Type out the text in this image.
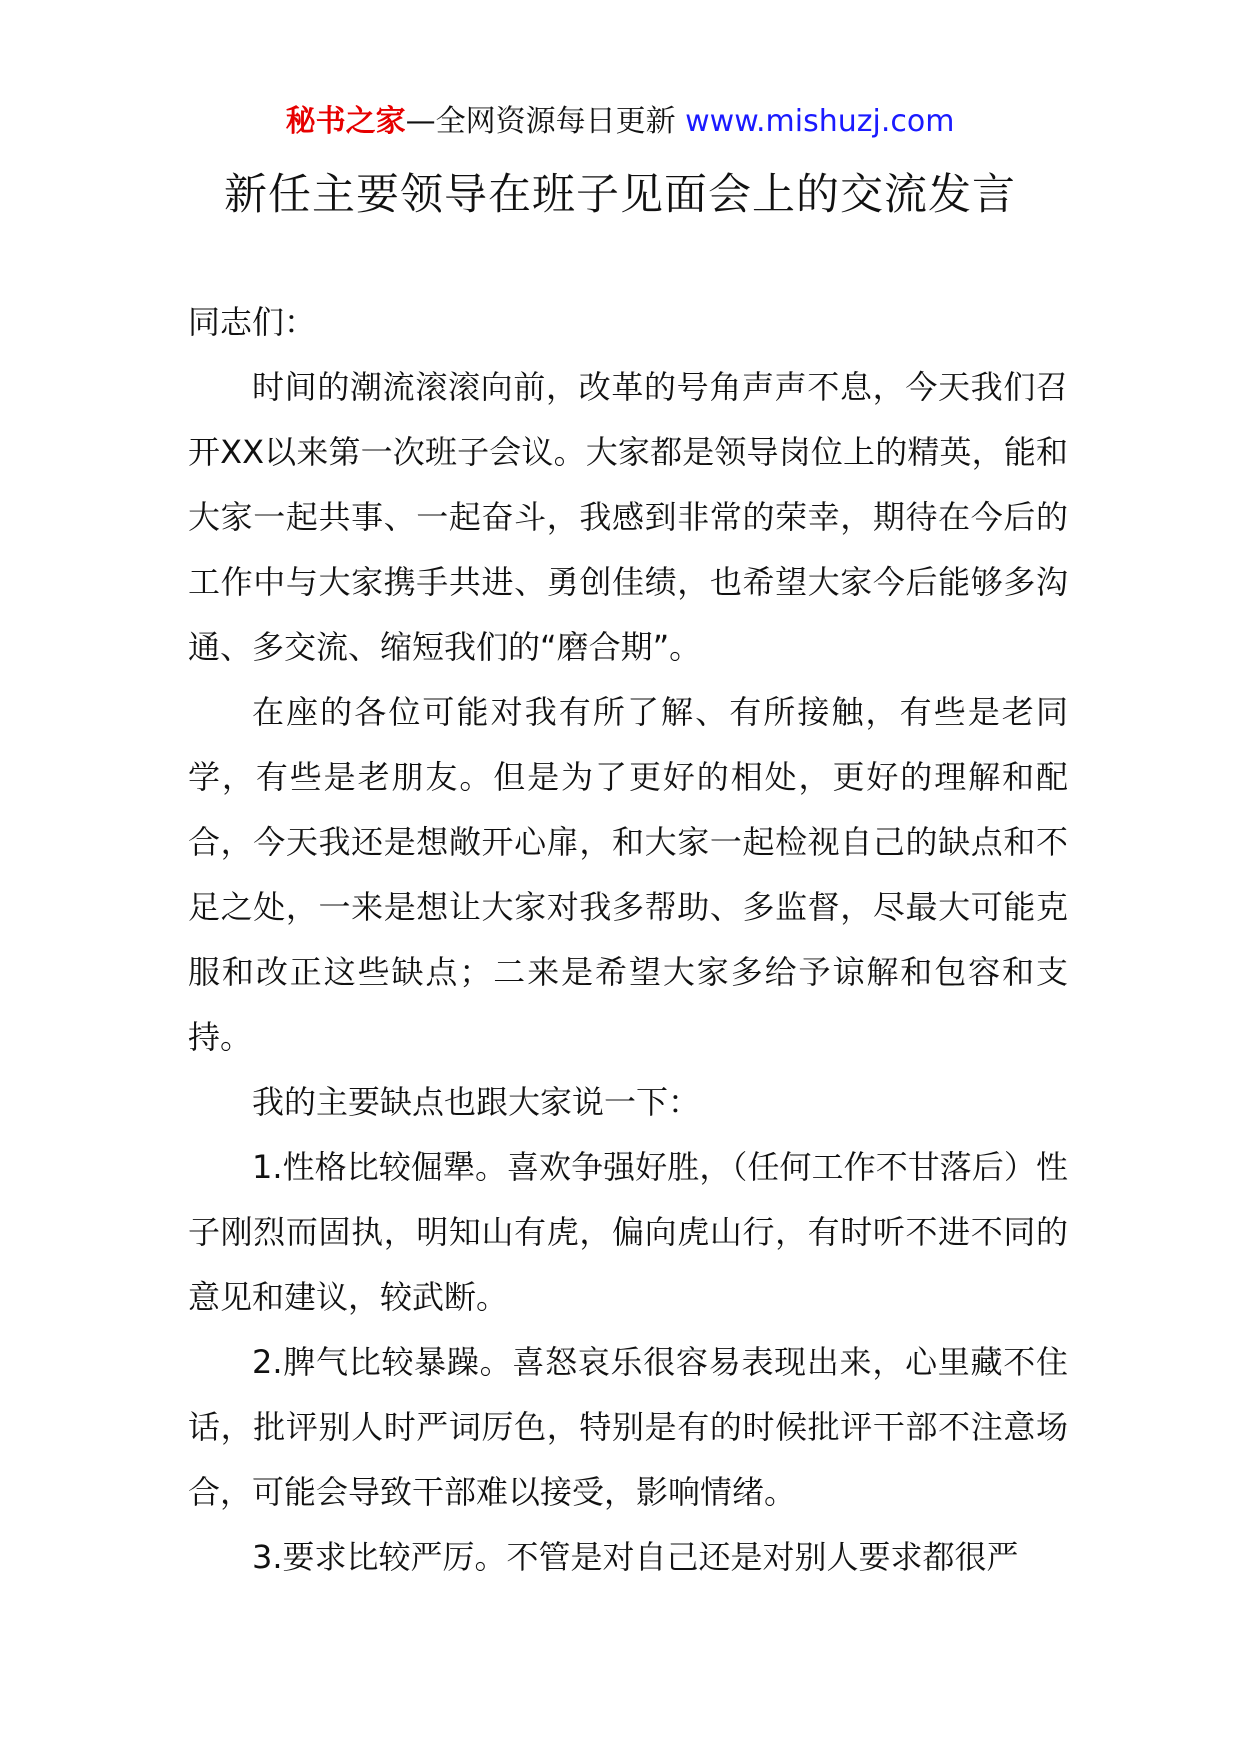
秘书之家—全网资源每日更新 www.mishuzj.com
新任主要领导在班子见面会上的交流发言

同志们：

时间的潮流滚滚向前，改革的号角声声不息，今天我们召开XX以来第一次班子会议。大家都是领导岗位上的精英，能和大家一起共事、一起奋斗，我感到非常的荣幸，期待在今后的工作中与大家携手共进、勇创佳绩，也希望大家今后能够多沟通、多交流、缩短我们的“磨合期”。

在座的各位可能对我有所了解、有所接触，有些是老同学，有些是老朋友。但是为了更好的相处，更好的理解和配合，今天我还是想敞开心扉，和大家一起检视自己的缺点和不足之处，一来是想让大家对我多帮助、多监督，尽最大可能克服和改正这些缺点；二来是希望大家多给予谅解和包容和支持。

我的主要缺点也跟大家说一下：

1.性格比较倔犟。喜欢争强好胜，（任何工作不甘落后）性子刚烈而固执，明知山有虎，偏向虎山行，有时听不进不同的意见和建议，较武断。

2.脾气比较暴躁。喜怒哀乐很容易表现出来，心里藏不住话，批评别人时严词厉色，特别是有的时候批评干部不注意场合，可能会导致干部难以接受，影响情绪。

3.要求比较严厉。不管是对自己还是对别人要求都很严
